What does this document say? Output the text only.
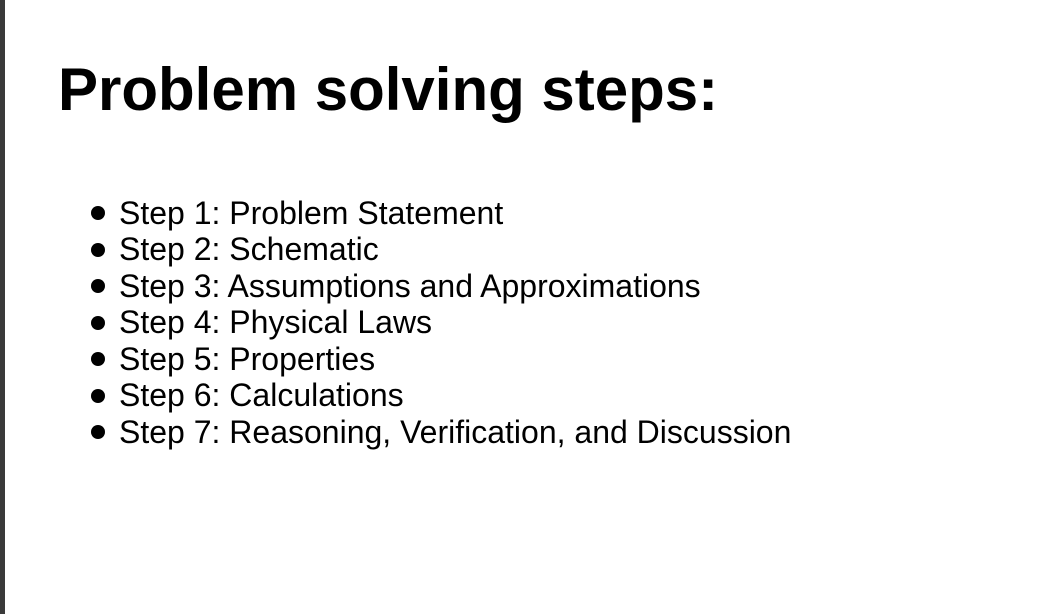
Problem solving steps:
Step 1: Problem Statement
Step 2: Schematic
Step 3: Assumptions and Approximations
Step 4: Physical Laws
Step 5: Properties
Step 6: Calculations
Step 7: Reasoning, Verification, and Discussion
